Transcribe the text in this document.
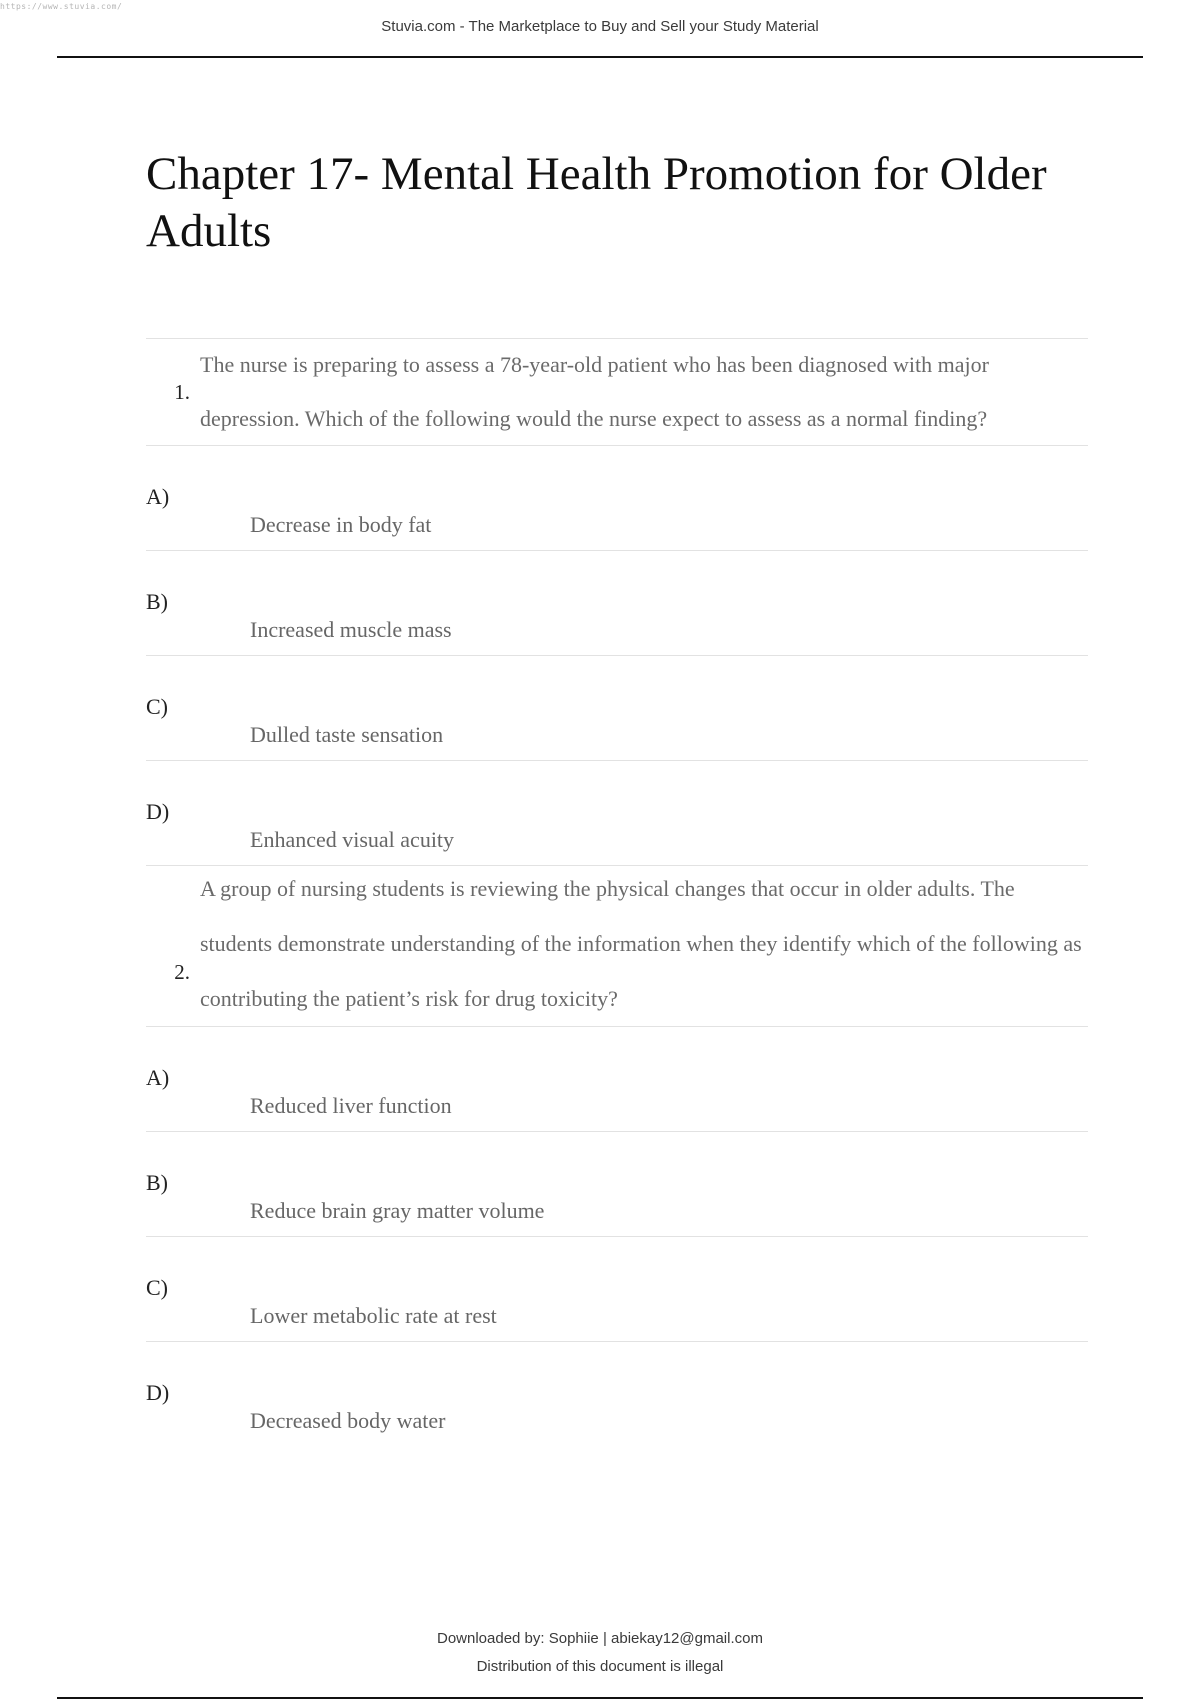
https://www.stuvia.com/
Stuvia.com - The Marketplace to Buy and Sell your Study Material
Chapter 17- Mental Health Promotion for Older Adults
1.
The nurse is preparing to assess a 78-year-old patient who has been diagnosed with major depression. Which of the following would the nurse expect to assess as a normal finding?
A)
Decrease in body fat
B)
Increased muscle mass
C)
Dulled taste sensation
D)
Enhanced visual acuity
2.
A group of nursing students is reviewing the physical changes that occur in older adults. The students demonstrate understanding of the information when they identify which of the following as contributing the patient’s risk for drug toxicity?
A)
Reduced liver function
B)
Reduce brain gray matter volume
C)
Lower metabolic rate at rest
D)
Decreased body water
Downloaded by: Sophiie | abiekay12@gmail.com
Distribution of this document is illegal
